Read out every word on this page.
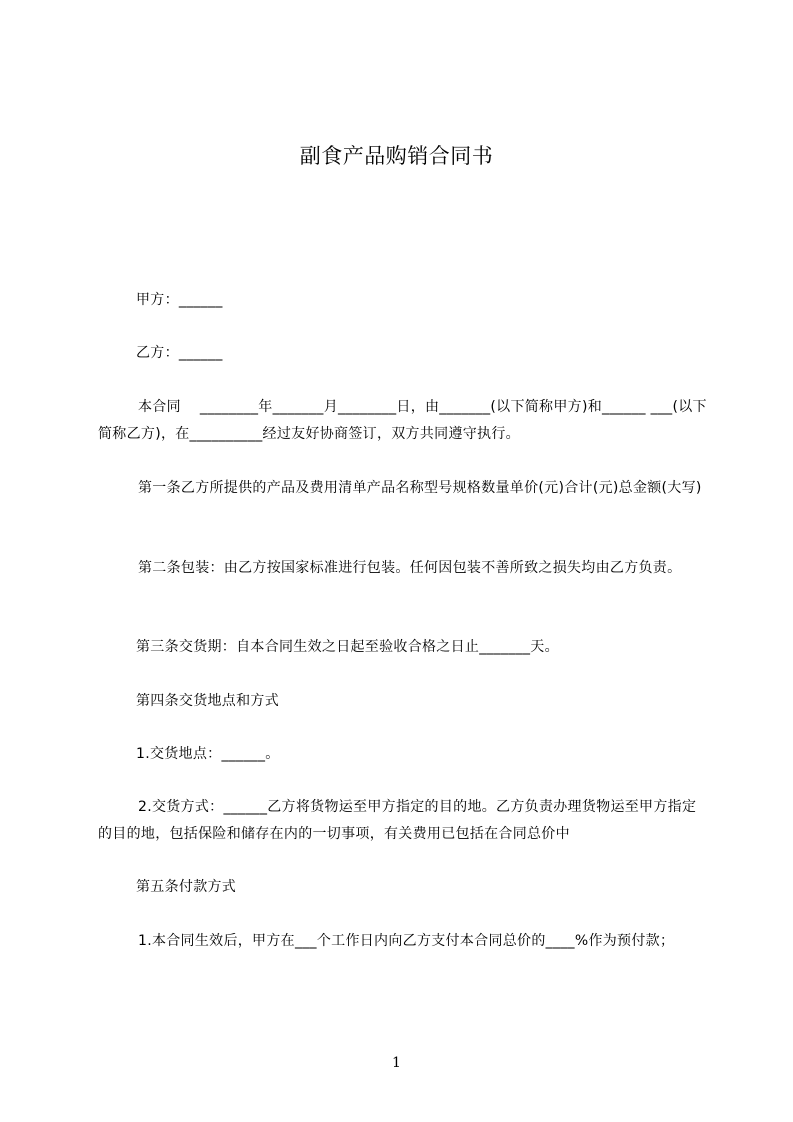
副食产品购销合同书
甲方：______
乙方：______
本合同    ________年_______月________日，由_______(以下简称甲方)和______ ___(以下简称乙方)，在__________经过友好协商签订，双方共同遵守执行。
第一条乙方所提供的产品及费用清单产品名称型号规格数量单价(元)合计(元)总金额(大写)
第二条包装：由乙方按国家标准进行包装。任何因包装不善所致之损失均由乙方负责。
第三条交货期：自本合同生效之日起至验收合格之日止_______天。
第四条交货地点和方式
1.交货地点：______。
2.交货方式：______乙方将货物运至甲方指定的目的地。乙方负责办理货物运至甲方指定的目的地，包括保险和储存在内的一切事项，有关费用已包括在合同总价中
第五条付款方式
1.本合同生效后，甲方在___个工作日内向乙方支付本合同总价的____%作为预付款；
1
